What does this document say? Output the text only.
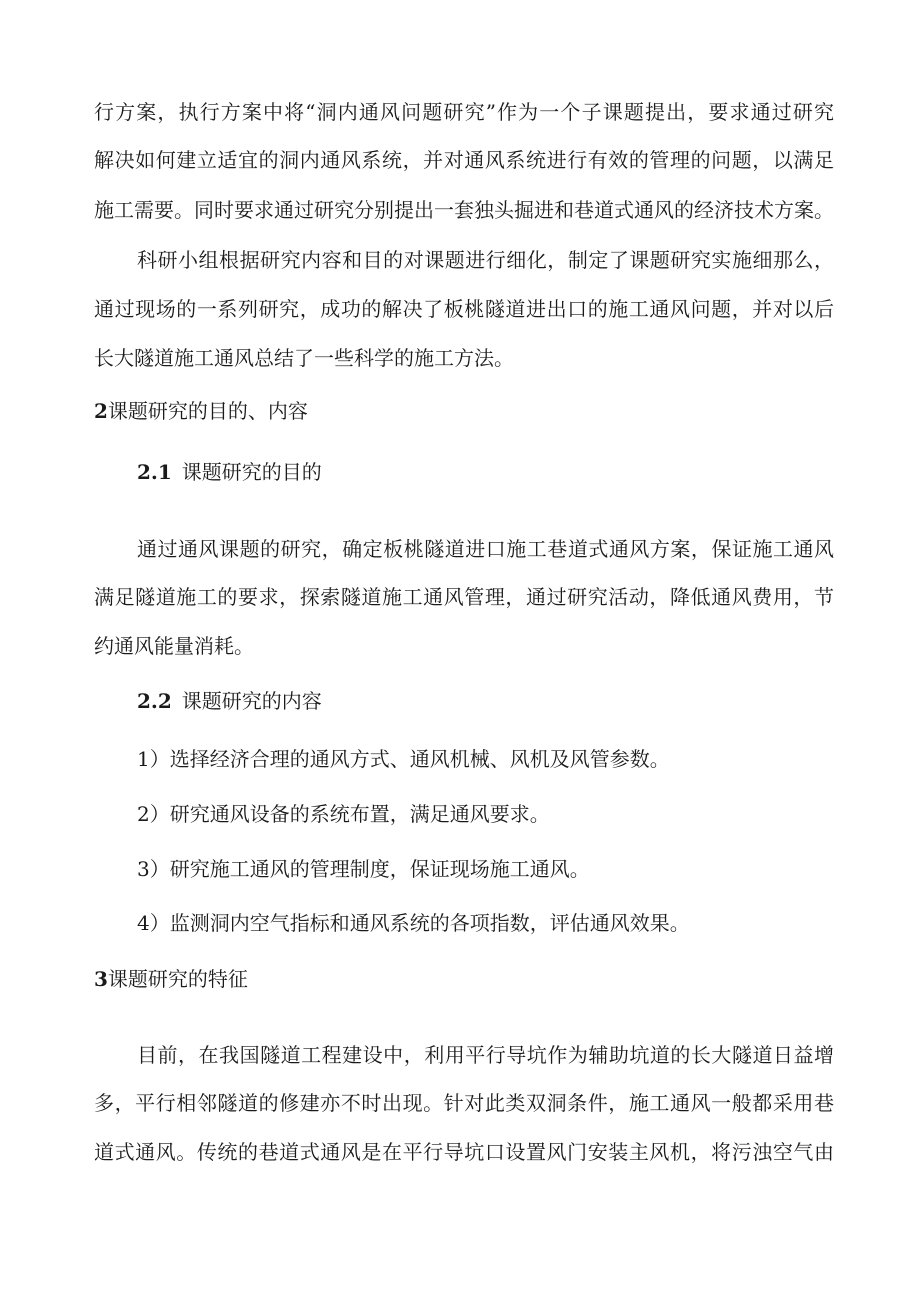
行方案，执行方案中将“洞内通风问题研究”作为一个子课题提出，要求通过研究
解决如何建立适宜的洞内通风系统，并对通风系统进行有效的管理的问题，以满足
施工需要。同时要求通过研究分别提出一套独头掘进和巷道式通风的经济技术方案。
科研小组根据研究内容和目的对课题进行细化，制定了课题研究实施细那么，
通过现场的一系列研究，成功的解决了板桃隧道进出口的施工通风问题，并对以后
长大隧道施工通风总结了一些科学的施工方法。
2课题研究的目的、内容
2.1 课题研究的目的
通过通风课题的研究，确定板桃隧道进口施工巷道式通风方案，保证施工通风
满足隧道施工的要求，探索隧道施工通风管理，通过研究活动，降低通风费用，节
约通风能量消耗。
2.2 课题研究的内容
1）选择经济合理的通风方式、通风机械、风机及风管参数。
2）研究通风设备的系统布置，满足通风要求。
3）研究施工通风的管理制度，保证现场施工通风。
4）监测洞内空气指标和通风系统的各项指数，评估通风效果。
3课题研究的特征
目前，在我国隧道工程建设中，利用平行导坑作为辅助坑道的长大隧道日益增
多，平行相邻隧道的修建亦不时出现。针对此类双洞条件，施工通风一般都采用巷
道式通风。传统的巷道式通风是在平行导坑口设置风门安装主风机，将污浊空气由
